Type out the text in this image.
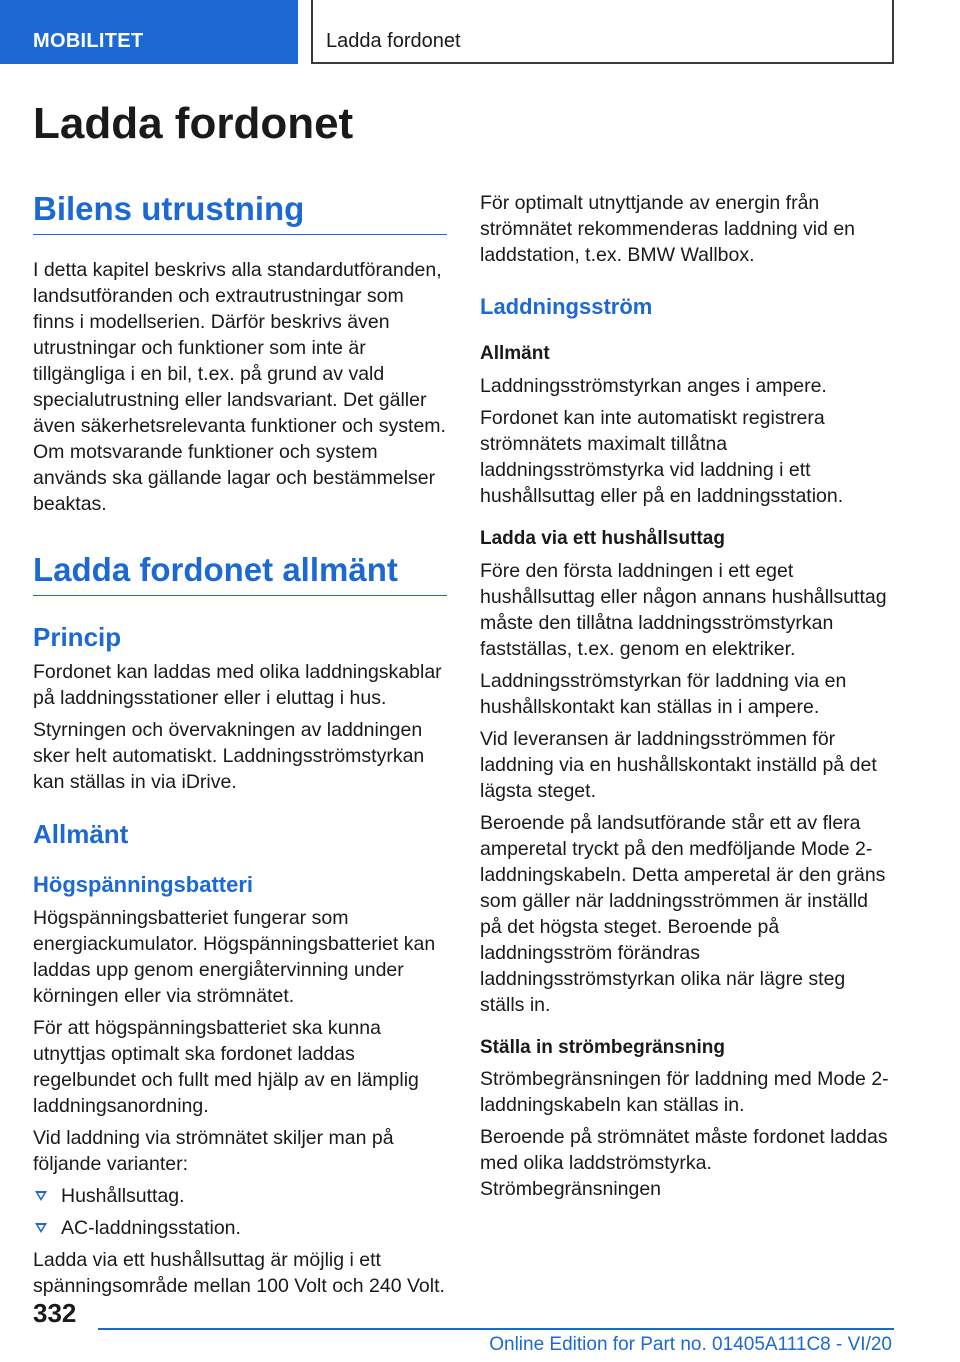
MOBILITET	Ladda fordonet
Ladda fordonet
Bilens utrustning

I detta kapitel beskrivs alla standardutföranden, landsutföranden och extrautrustningar som finns i modellserien. Därför beskrivs även utrustningar och funktioner som inte är tillgängliga i en bil, t.ex. på grund av vald specialutrustning eller landsvariant. Det gäller även säkerhetsrelevanta funktioner och system. Om motsvarande funktioner och system används ska gällande lagar och bestämmelser beaktas.

Ladda fordonet allmänt
Princip

Fordonet kan laddas med olika laddningskablar på laddningsstationer eller i eluttag i hus.

Styrningen och övervakningen av laddningen sker helt automatiskt. Laddningsströmstyrkan kan ställas in via iDrive.

Allmänt
Högspänningsbatteri

Högspänningsbatteriet fungerar som energiackumulator. Högspänningsbatteriet kan laddas upp genom energiåtervinning under körningen eller via strömnätet.

För att högspänningsbatteriet ska kunna utnyttjas optimalt ska fordonet laddas regelbundet och fullt med hjälp av en lämplig laddningsanordning.

Vid laddning via strömnätet skiljer man på följande varianter:

Hushållsuttag.
AC-laddningsstation.

Ladda via ett hushållsuttag är möjlig i ett spänningsområde mellan 100 Volt och 240 Volt.

För optimalt utnyttjande av energin från strömnätet rekommenderas laddning vid en laddstation, t.ex. BMW Wallbox.

Laddningsström
Allmänt

Laddningsströmstyrkan anges i ampere.

Fordonet kan inte automatiskt registrera strömnätets maximalt tillåtna laddningsströmstyrka vid laddning i ett hushållsuttag eller på en laddningsstation.

Ladda via ett hushållsuttag

Före den första laddningen i ett eget hushållsuttag eller någon annans hushållsuttag måste den tillåtna laddningsströmstyrkan fastställas, t.ex. genom en elektriker.

Laddningsströmstyrkan för laddning via en hushållskontakt kan ställas in i ampere.

Vid leveransen är laddningsströmmen för laddning via en hushållskontakt inställd på det lägsta steget.

Beroende på landsutförande står ett av flera amperetal tryckt på den medföljande Mode 2-laddningskabeln. Detta amperetal är den gräns som gäller när laddningsströmmen är inställd på det högsta steget. Beroende på laddningsström förändras laddningsströmstyrkan olika när lägre steg ställs in.

Ställa in strömbegränsning

Strömbegränsningen för laddning med Mode 2-laddningskabeln kan ställas in.

Beroende på strömnätet måste fordonet laddas med olika laddströmstyrka. Strömbegränsningen

332
Online Edition for Part no. 01405A111C8 - VI/20
